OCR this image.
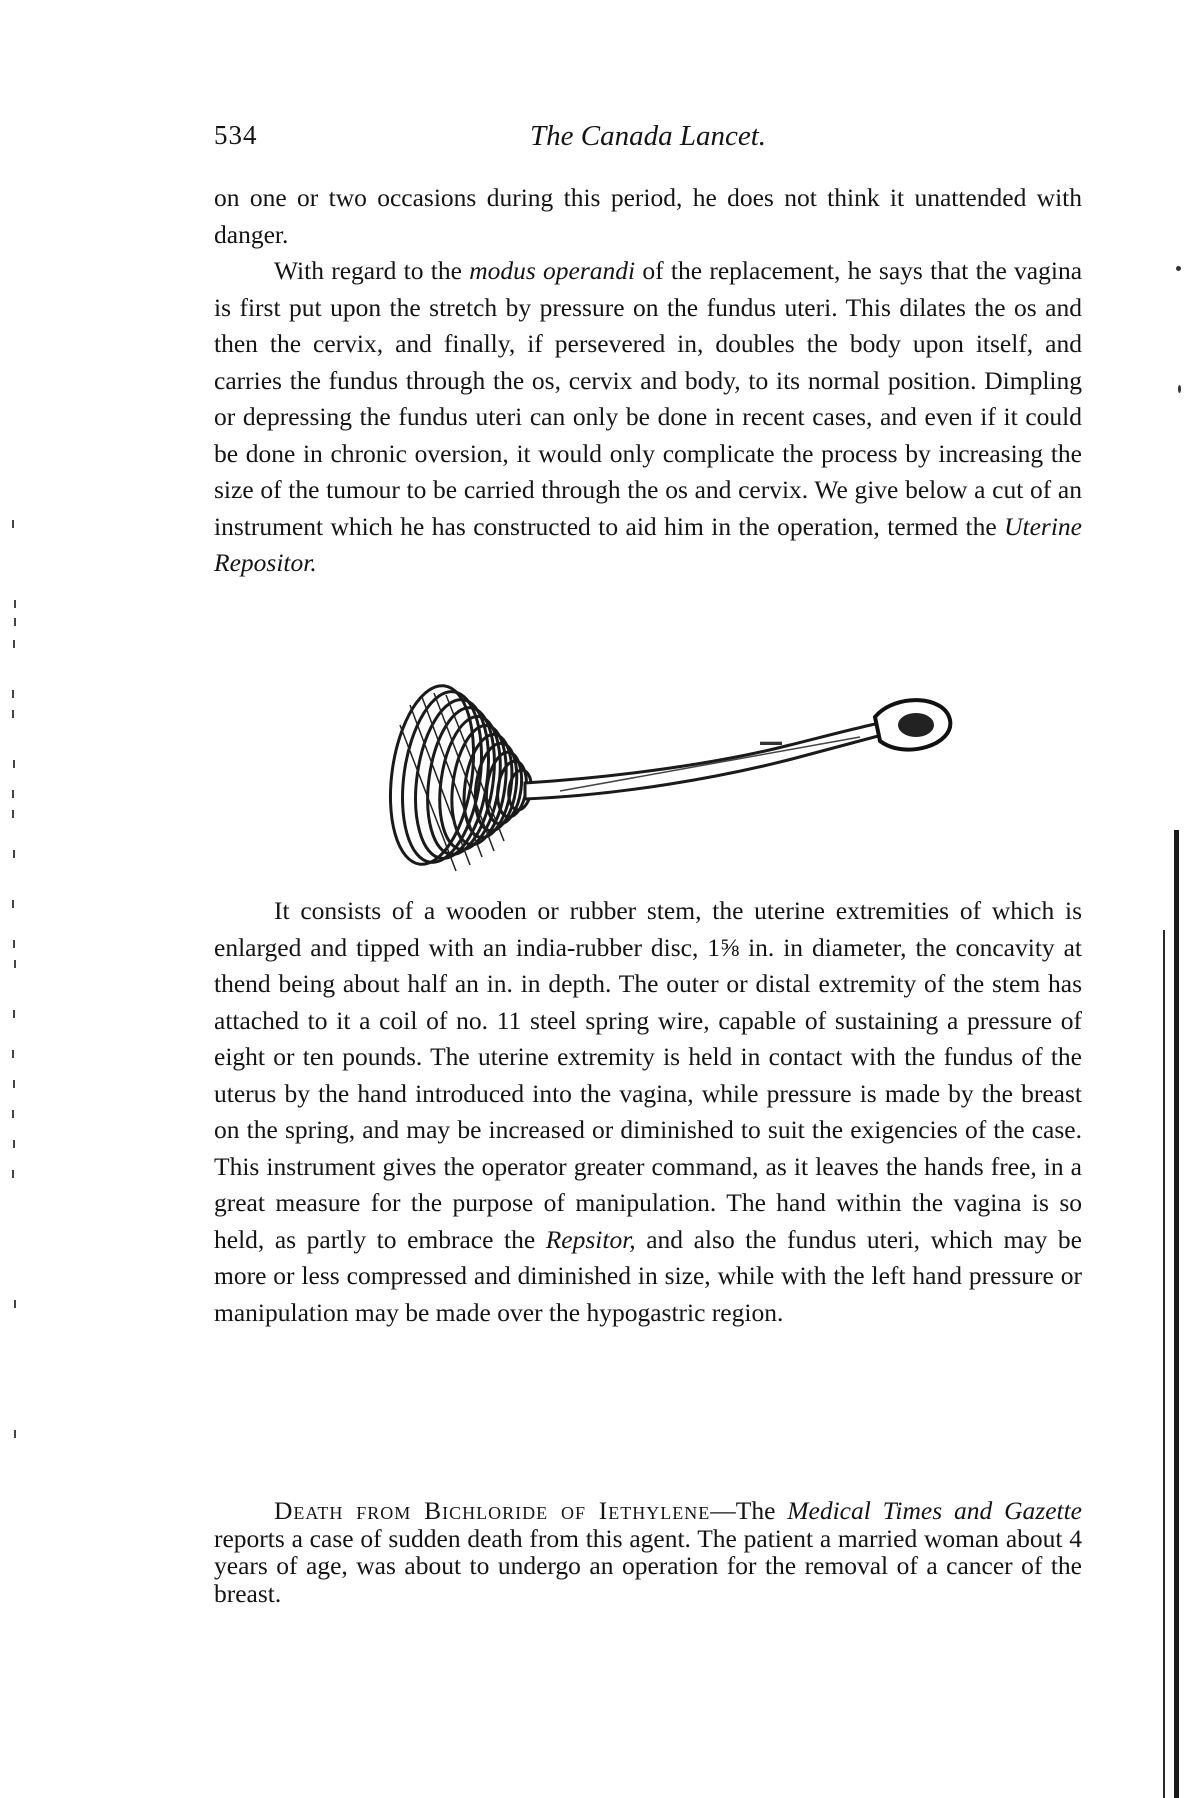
534	The Canada Lancet.

on one or two occasions during this period, he does not think it unattended with danger.

With regard to the modus operandi of the replacement, he says that the vagina is first put upon the stretch by pressure on the fundus uteri. This dilates the os and then the cervix, and finally, if persevered in, doubles the body upon itself, and carries the fundus through the os, cervix and body, to its normal position. Dimpling or depressing the fundus uteri can only be done in recent cases, and even if it could be done in chronic oversion, it would only complicate the process by increasing the size of the tumour to be carried through the os and cervix. We give below a cut of an instrument which he has constructed to aid him in the operation, termed the Uterine Repositor.

▬▬

It consists of a wooden or rubber stem, the uterine extremities of which is enlarged and tipped with an india-rubber disc, 1⅝ in. in diameter, the concavity at thend being about half an in. in depth. The outer or distal extremity of the stem has attached to it a coil of no. 11 steel spring wire, capable of sustaining a pressure of eight or ten pounds. The uterine extremity is held in contact with the fundus of the uterus by the hand introduced into the vagina, while pressure is made by the breast on the spring, and may be increased or diminished to suit the exigencies of the case. This instrument gives the operator greater command, as it leaves the hands free, in a great measure for the purpose of manipulation. The hand within the vagina is so held, as partly to embrace the Repsitor, and also the fundus uteri, which may be more or less compressed and diminished in size, while with the left hand pressure or manipulation may be made over the hypogastric region.

Death from Bichloride of Iethylene—The Medical Times and Gazette reports a case of sudden death from this agent. The patient a married woman about 4 years of age, was about to undergo an operation for the removal of a cancer of the breast.
